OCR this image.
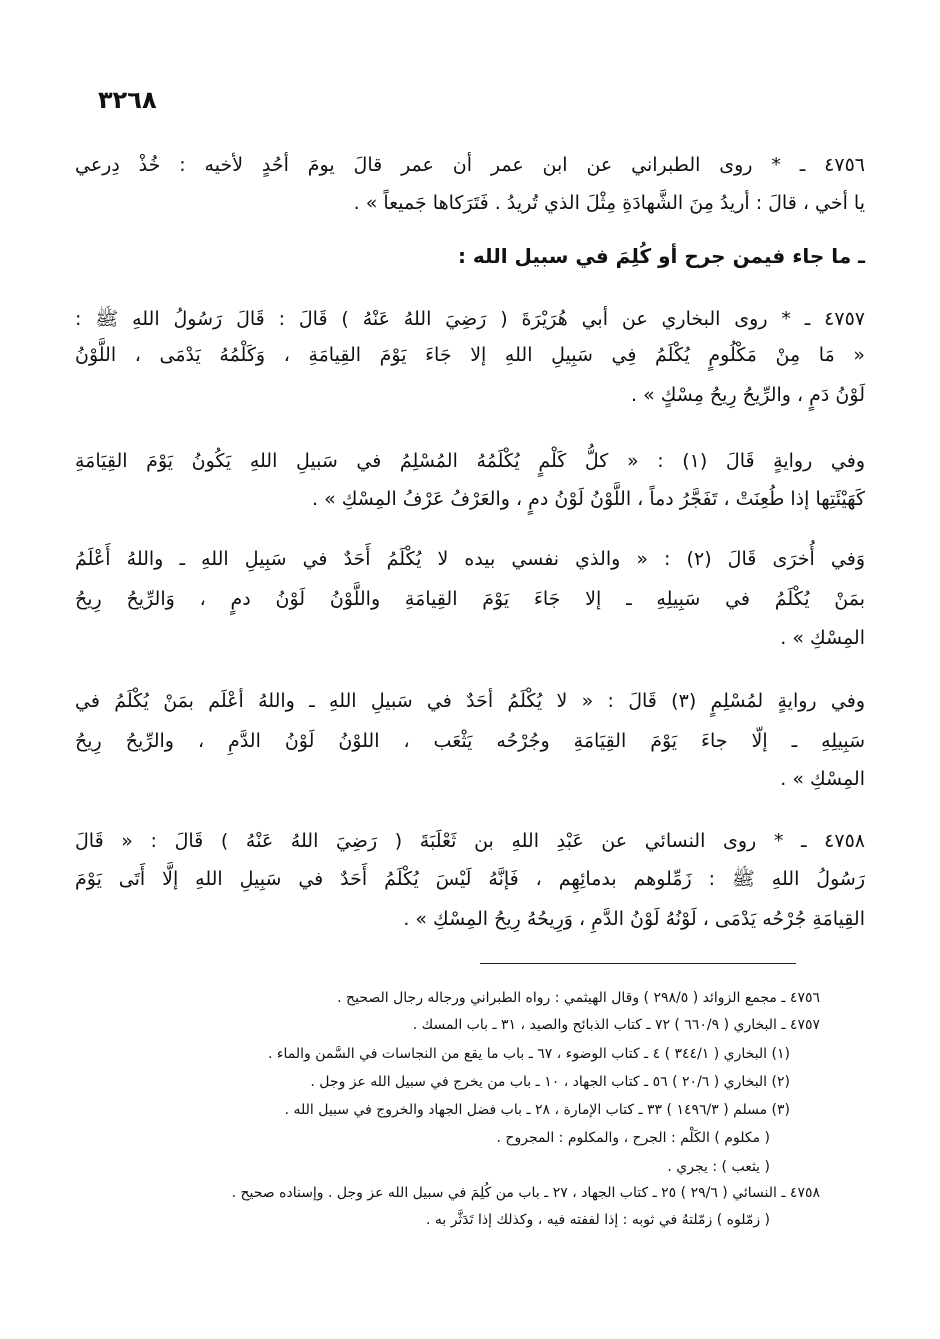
٣٢٦٨
٤٧٥٦ ـ * روى الطبراني عن ابن عمر أن عمر قالَ يومَ أحُدٍ لأخيه : خُذْ دِرعي
يا أخي ، قالَ : أريدُ مِنَ الشَّهادَةِ مِثْلَ الذي تُريدُ . فَتَرَكاها جَميعاً » .
ـ ما جاء فيمن جرح أو كُلِمَ في سبيل الله :
٤٧٥٧ ـ * روى البخاري عن أبي هُرَيْرَةَ ( رَضِيَ اللهُ عَنْهُ ) قَالَ : قَالَ رَسُولُ اللهِ ﷺ :
« مَا مِنْ مَكْلُومٍ يُكْلَمُ فِي سَبِيلِ اللهِ إلا جَاءَ يَوْمَ القِيامَةِ ، وَكَلْمُهُ يَدْمَى ، اللَّوْنُ
لَوْنُ دَمٍ ، والرِّيحُ رِيحُ مِسْكٍ » .
وفي روايةٍ قَالَ (١) : « كلُّ كَلْمٍ يُكْلَمُهُ المُسْلِمُ في سَبيلِ اللهِ يَكُونُ يَوْمَ القِيَامَةِ
كَهَيْئَتِها إذا طُعِنَتْ ، تَفَجَّرُ دماً ، اللَّوْنُ لَوْنُ دمٍ ، والعَرْفُ عَرْفُ المِسْكِ » .
وَفي أُخرَى قَالَ (٢) : « والذي نفسي بيده لا يُكْلَمُ أَحَدٌ في سَبِيلِ اللهِ ـ واللهُ أَعْلَمُ
بمَنْ يُكْلَمُ في سَبِيلِهِ ـ إلا جَاءَ يَوْمَ القِيامَةِ واللَّوْنُ لَوْنُ دمٍ ، وَالرِّيحُ رِيحُ
المِسْكِ » .
وفي روايةٍ لمُسْلِمٍ (٣) قَالَ : « لا يُكْلَمُ أحَدٌ في سَبيلِ اللهِ ـ واللهُ أعْلَم بمَنْ يُكْلَمُ في
سَبِيلِهِ ـ إلّا جاءَ يَوْمَ القِيَامَةِ وجُرْحُه يَثْعَب ، اللوْنُ لَوْنُ الدَّمِ ، والرِّيحُ رِيحُ
المِسْكِ » .
٤٧٥٨ ـ * روى النسائي عن عَبْدِ اللهِ بن ثَعْلَبَةَ ( رَضِيَ اللهُ عَنْهُ ) قَالَ : « قَالَ
رَسُولُ اللهِ ﷺ : زَمِّلوهم بدمائِهِم ، فَإنَّهُ لَيْسَ يُكْلَمُ أَحَدٌ في سَبِيلِ اللهِ إلَّا أَتَى يَوْمَ
القِيامَةِ جُرْحُه يَدْمَى ، لَوْنُهُ لَوْنُ الدَّمِ ، وَرِيحُهُ رِيحُ المِسْكِ » .
٤٧٥٦ ـ مجمع الزوائد ( ٢٩٨/٥ ) وقال الهيثمي : رواه الطبراني ورجاله رجال الصحيح .
٤٧٥٧ ـ البخاري ( ٦٦٠/٩ ) ٧٢ ـ كتاب الذبائح والصيد ، ٣١ ـ باب المسك .
(١) البخاري ( ٣٤٤/١ ) ٤ ـ كتاب الوضوء ، ٦٧ ـ باب ما يقع من النجاسات في السَّمن والماء .
(٢) البخاري ( ٢٠/٦ ) ٥٦ ـ كتاب الجهاد ، ١٠ ـ باب من يخرج في سبيل الله عز وجل .
(٣) مسلم ( ١٤٩٦/٣ ) ٣٣ ـ كتاب الإمارة ، ٢٨ ـ باب فضل الجهاد والخروج في سبيل الله .
( مكلوم ) الكَلْم : الجرح ، والمكلوم : المجروح .
( يثعب ) : يجري .
٤٧٥٨ ـ النسائي ( ٢٩/٦ ) ٢٥ ـ كتاب الجهاد ، ٢٧ ـ باب من كُلِمَ في سبيل الله عز وجل . وإسناده صحيح .
( زمّلوه ) زمّلتهُ في ثوبه : إذا لففته فيه ، وكذلك إذا تَدَثَّر به .
